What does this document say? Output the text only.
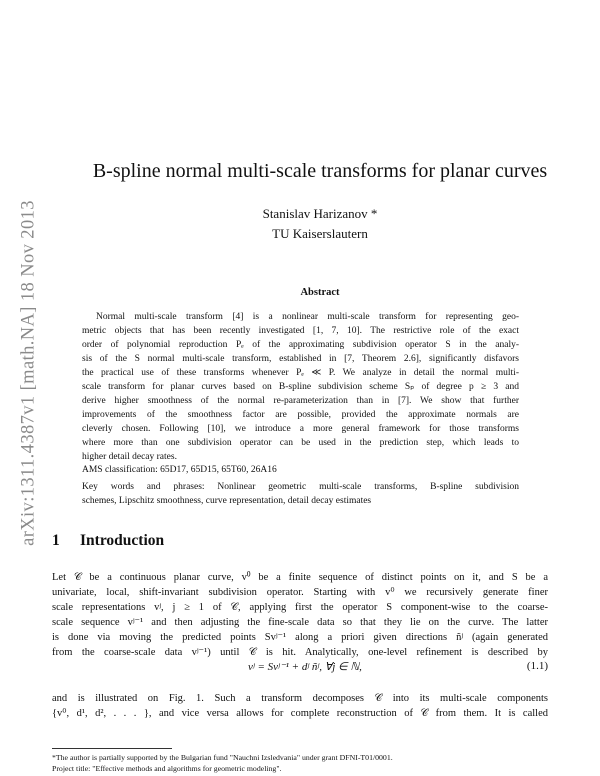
arXiv:1311.4387v1 [math.NA] 18 Nov 2013
B-spline normal multi-scale transforms for planar curves
Stanislav Harizanov *
TU Kaiserslautern
Abstract
Normal multi-scale transform [4] is a nonlinear multi-scale transform for representing geo-
metric objects that has been recently investigated [1, 7, 10]. The restrictive role of the exact
order of polynomial reproduction Pₑ of the approximating subdivision operator S in the analy-
sis of the S normal multi-scale transform, established in [7, Theorem 2.6], significantly disfavors
the practical use of these transforms whenever Pₑ ≪ P. We analyze in detail the normal multi-
scale transform for planar curves based on B-spline subdivision scheme Sₚ of degree p ≥ 3 and
derive higher smoothness of the normal re-parameterization than in [7]. We show that further
improvements of the smoothness factor are possible, provided the approximate normals are
cleverly chosen. Following [10], we introduce a more general framework for those transforms
where more than one subdivision operator can be used in the prediction step, which leads to
higher detail decay rates.
AMS classification: 65D17, 65D15, 65T60, 26A16
Key words and phrases: Nonlinear geometric multi-scale transforms, B-spline subdivision
schemes, Lipschitz smoothness, curve representation, detail decay estimates
1 Introduction
Let 𝒞 be a continuous planar curve, v⁰ be a finite sequence of distinct points on it, and S be a
univariate, local, shift-invariant subdivision operator. Starting with v⁰ we recursively generate finer
scale representations vʲ, j ≥ 1 of 𝒞, applying first the operator S component-wise to the coarse-
scale sequence vʲ⁻¹ and then adjusting the fine-scale data so that they lie on the curve. The latter
is done via moving the predicted points Svʲ⁻¹ along a priori given directions ñʲ (again generated
from the coarse-scale data vʲ⁻¹) until 𝒞 is hit. Analytically, one-level refinement is described by
vʲ = Svʲ⁻¹ + dʲ ñʲ, ∀j ∈ ℕ,	(1.1)
and is illustrated on Fig. 1. Such a transform decomposes 𝒞 into its multi-scale components
{v⁰, d¹, d², . . . }, and vice versa allows for complete reconstruction of 𝒞 from them. It is called
*The author is partially supported by the Bulgarian fund "Nauchni Izsledvania" under grant DFNI-T01/0001.
Project title: "Effective methods and algorithms for geometric modeling".
